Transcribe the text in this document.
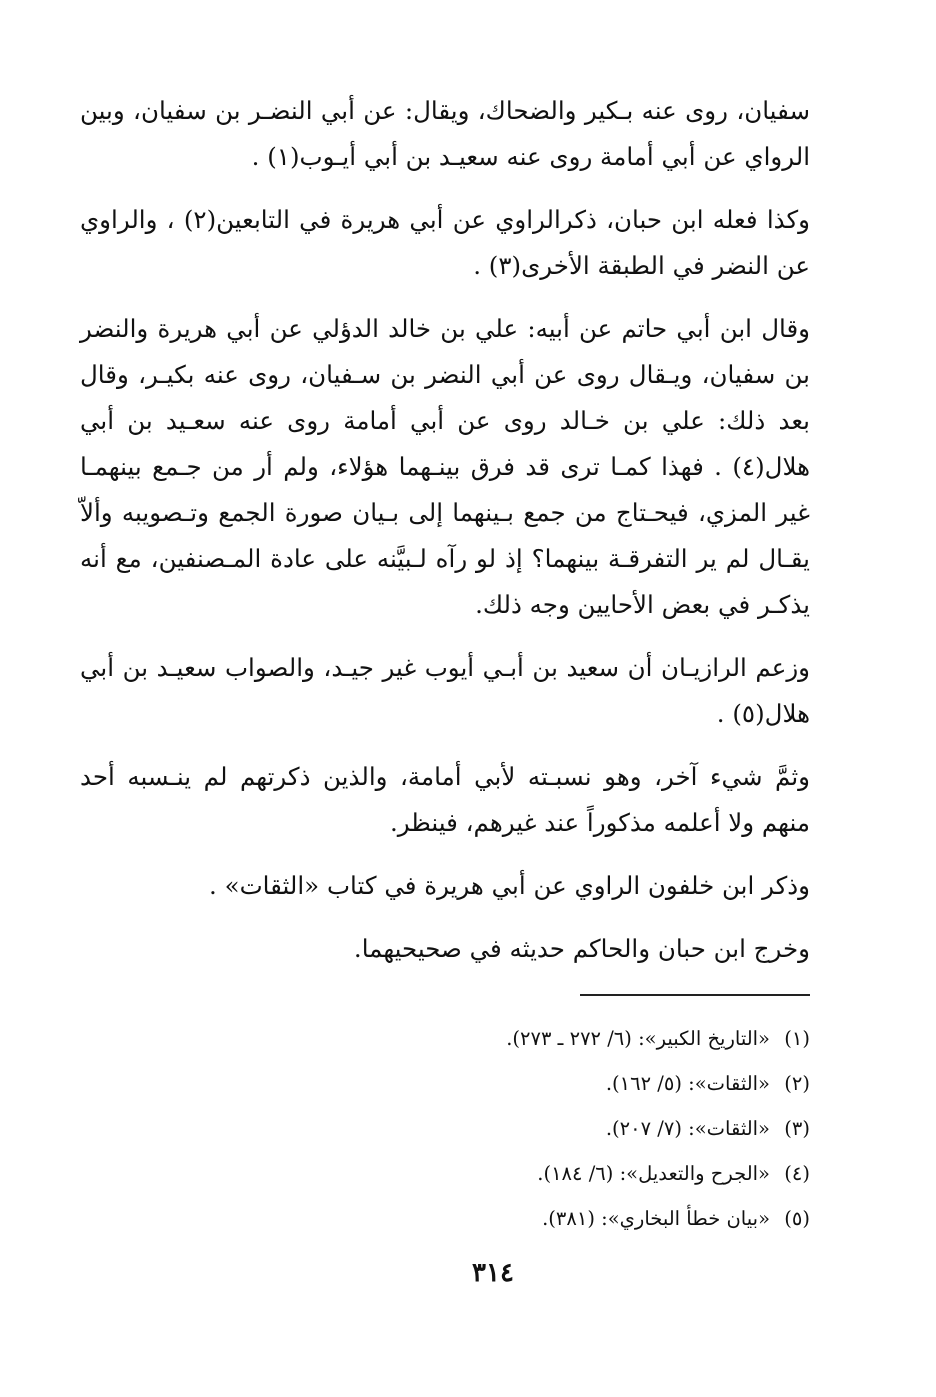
سفيان، روى عنه بـكير والضحاك، ويقال: عن أبي النضـر بن سفيان، وبين الرواي عن أبي أمامة روى عنه سعيـد بن أبي أيـوب(١) .

وكذا فعله ابن حبان، ذكرالراوي عن أبي هريرة في التابعين(٢) ، والراوي عن النضر في الطبقة الأخرى(٣) .

وقال ابن أبي حاتم عن أبيه: علي بن خالد الدؤلي عن أبي هريرة والنضر بن سفيان، ويـقال روى عن أبي النضر بن سـفيان، روى عنه بكيـر، وقال بعد ذلك: علي بن خـالد روى عن أبي أمامة روى عنه سعـيد بن أبي هلال(٤) . فهذا كمـا ترى قد فرق بينـهما هؤلاء، ولم أر من جـمع بينهمـا غير المزي، فيحـتاج من جمع بـينهما إلى بـيان صورة الجمع وتـصويبه وألاّ يقـال لم ير التفرقـة بينهما؟ إذ لو رآه لـبيَّنه على عادة المـصنفين، مع أنه يذكـر في بعض الأحايين وجه ذلك.

وزعم الرازيـان أن سعيد بن أبـي أيوب غير جيـد، والصواب سعيـد بن أبي هلال(٥) .

وثمَّ شيء آخر، وهو نسبـته لأبي أمامة، والذين ذكرتهم لم ينـسبه أحد منهم ولا أعلمه مذكوراً عند غيرهم، فينظر.

وذكر ابن خلفون الراوي عن أبي هريرة في كتاب «الثقات» .

وخرج ابن حبان والحاكم حديثه في صحيحيهما.

(١)
«التاريخ الكبير»: (٦/ ٢٧٢ ـ ٢٧٣).
(٢)
«الثقات»: (٥/ ١٦٢).
(٣)
«الثقات»: (٧/ ٢٠٧).
(٤)
«الجرح والتعديل»: (٦/ ١٨٤).
(٥)
«بيان خطأ البخاري»: (٣٨١).
٣١٤
